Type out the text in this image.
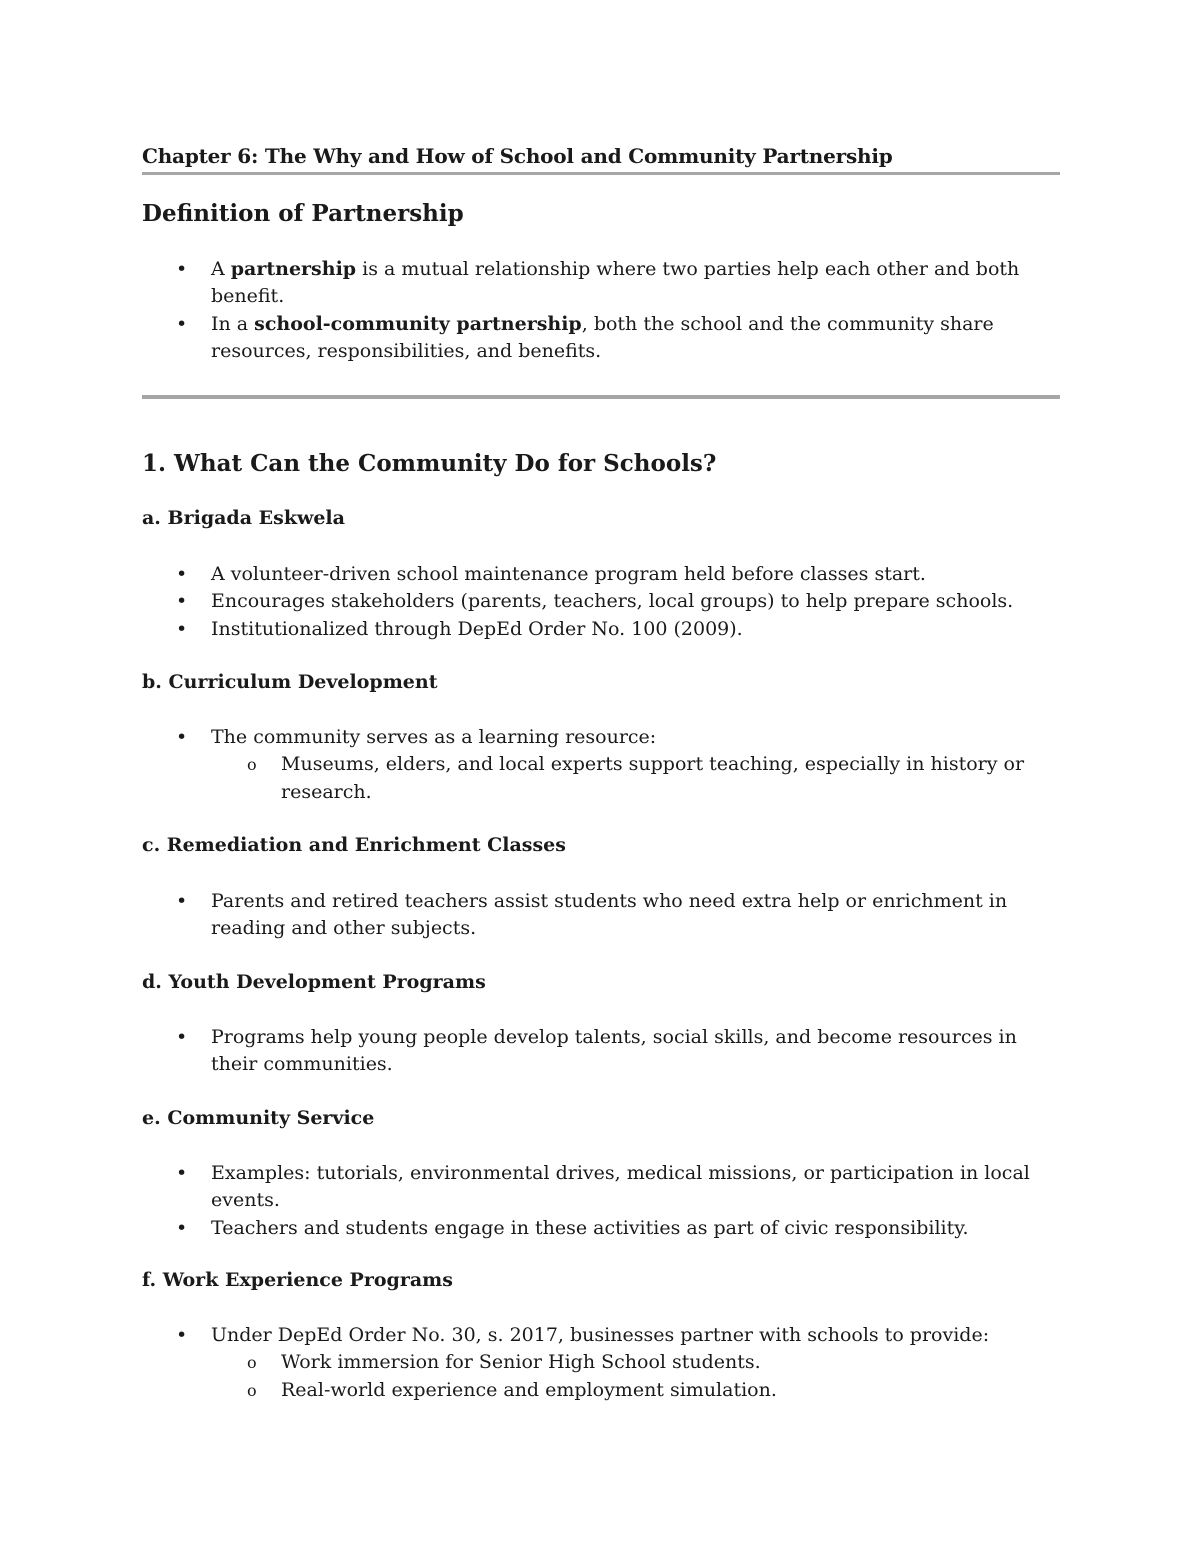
Chapter 6: The Why and How of School and Community Partnership
Definition of Partnership
• A partnership is a mutual relationship where two parties help each other and both benefit.
• In a school-community partnership, both the school and the community share resources, responsibilities, and benefits.
1. What Can the Community Do for Schools?
a. Brigada Eskwela
• A volunteer-driven school maintenance program held before classes start.
• Encourages stakeholders (parents, teachers, local groups) to help prepare schools.
• Institutionalized through DepEd Order No. 100 (2009).
b. Curriculum Development
• The community serves as a learning resource:
o Museums, elders, and local experts support teaching, especially in history or research.
c. Remediation and Enrichment Classes
• Parents and retired teachers assist students who need extra help or enrichment in reading and other subjects.
d. Youth Development Programs
• Programs help young people develop talents, social skills, and become resources in their communities.
e. Community Service
• Examples: tutorials, environmental drives, medical missions, or participation in local events.
• Teachers and students engage in these activities as part of civic responsibility.
f. Work Experience Programs
• Under DepEd Order No. 30, s. 2017, businesses partner with schools to provide:
o Work immersion for Senior High School students.
o Real-world experience and employment simulation.
